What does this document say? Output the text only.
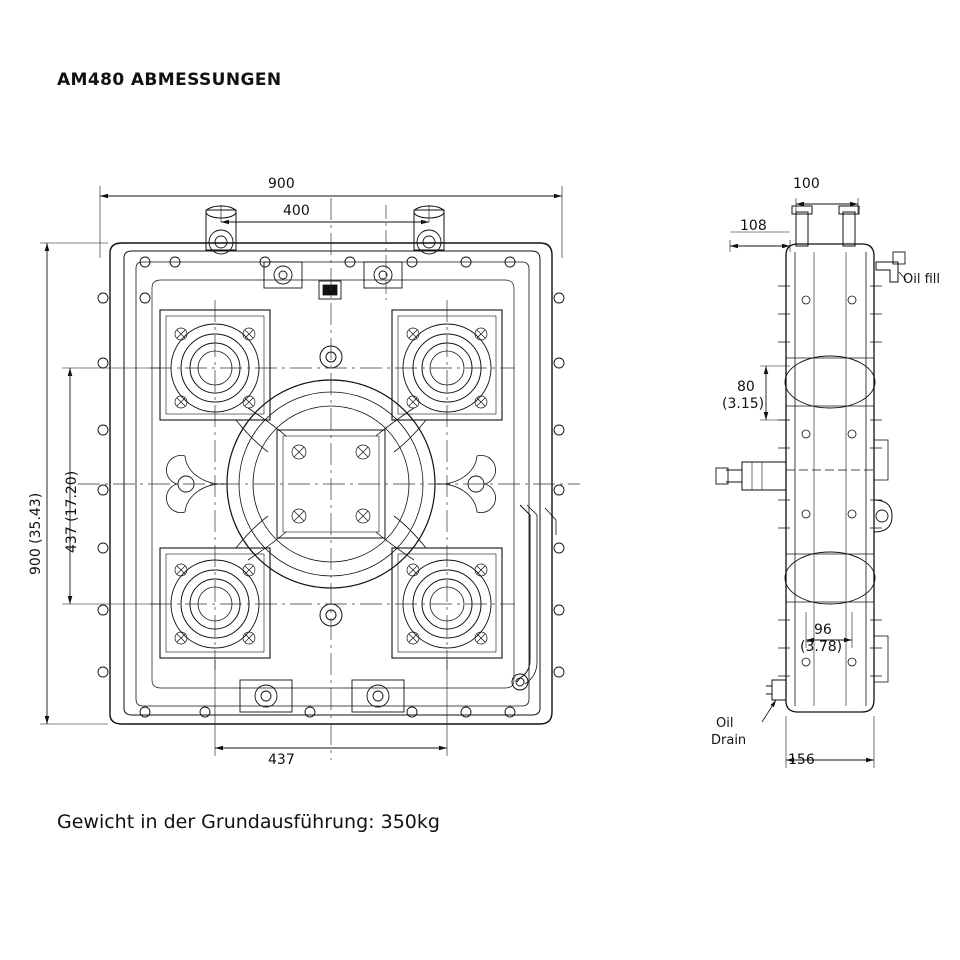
AM480 ABMESSUNGEN
900
400
900 (35.43) 437 (17.20)
437
100
108
80
(3.15)
96
(3.78)
156
Oil fill
Oil
Drain
Gewicht in der Grundausführung: 350kg
